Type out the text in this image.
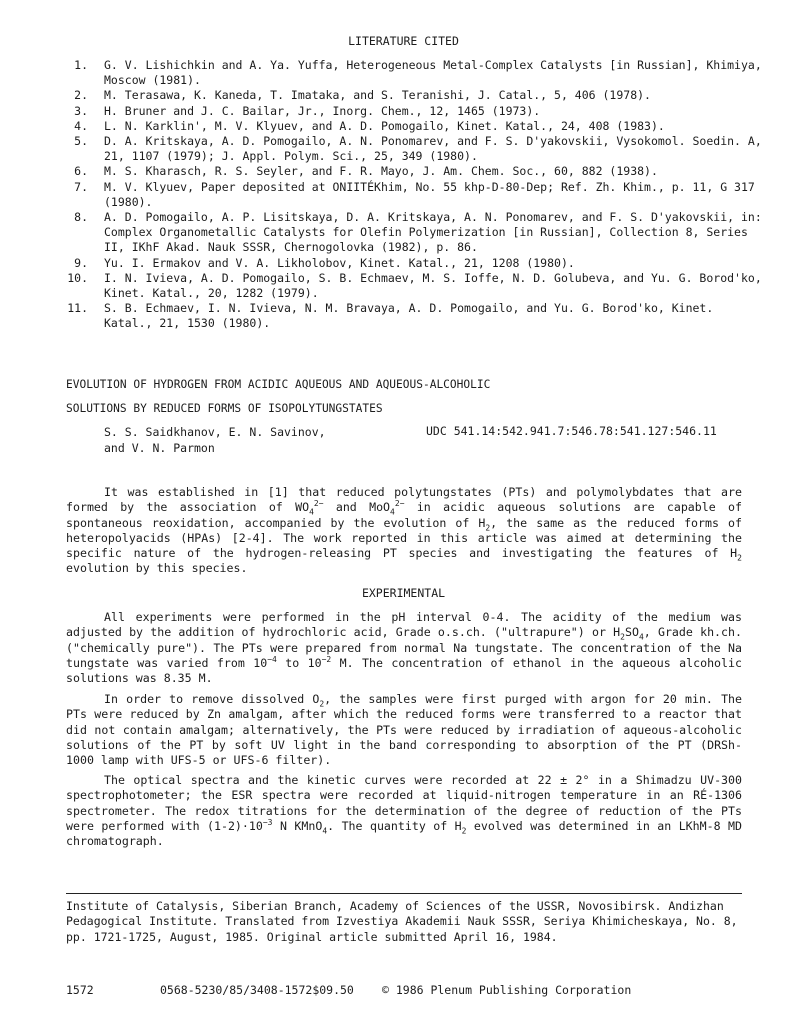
LITERATURE CITED
1. G. V. Lishichkin and A. Ya. Yuffa, Heterogeneous Metal-Complex Catalysts [in Russian], Khimiya, Moscow (1981).
2. M. Terasawa, K. Kaneda, T. Imataka, and S. Teranishi, J. Catal., 5, 406 (1978).
3. H. Bruner and J. C. Bailar, Jr., Inorg. Chem., 12, 1465 (1973).
4. L. N. Karklin', M. V. Klyuev, and A. D. Pomogailo, Kinet. Katal., 24, 408 (1983).
5. D. A. Kritskaya, A. D. Pomogailo, A. N. Ponomarev, and F. S. D'yakovskii, Vysokomol. Soedin. A, 21, 1107 (1979); J. Appl. Polym. Sci., 25, 349 (1980).
6. M. S. Kharasch, R. S. Seyler, and F. R. Mayo, J. Am. Chem. Soc., 60, 882 (1938).
7. M. V. Klyuev, Paper deposited at ONIITÉKhim, No. 55 khp-D-80-Dep; Ref. Zh. Khim., p. 11, G 317 (1980).
8. A. D. Pomogailo, A. P. Lisitskaya, D. A. Kritskaya, A. N. Ponomarev, and F. S. D'yakovskii, in: Complex Organometallic Catalysts for Olefin Polymerization [in Russian], Collection 8, Series II, IKhF Akad. Nauk SSSR, Chernogolovka (1982), p. 86.
9. Yu. I. Ermakov and V. A. Likholobov, Kinet. Katal., 21, 1208 (1980).
10. I. N. Ivieva, A. D. Pomogailo, S. B. Echmaev, M. S. Ioffe, N. D. Golubeva, and Yu. G. Borod'ko, Kinet. Katal., 20, 1282 (1979).
11. S. B. Echmaev, I. N. Ivieva, N. M. Bravaya, A. D. Pomogailo, and Yu. G. Borod'ko, Kinet. Katal., 21, 1530 (1980).
EVOLUTION OF HYDROGEN FROM ACIDIC AQUEOUS AND AQUEOUS-ALCOHOLIC
SOLUTIONS BY REDUCED FORMS OF ISOPOLYTUNGSTATES
S. S. Saidkhanov, E. N. Savinov,
and V. N. Parmon
UDC 541.14:542.941.7:546.78:541.127:546.11

It was established in [1] that reduced polytungstates (PTs) and polymolybdates that are formed by the association of $WO_4^{2-}$ and MoO$_4^{2-}$ in acidic aqueous solutions are capable of spontaneous reoxidation, accompanied by the evolution of $H_2$, the same as the reduced forms of heteropolyacids (HPAs) [2-4]. The work reported in this article was aimed at determining the specific nature of the hydrogen-releasing PT species and investigating the features of $H_2$ evolution by this species.

EXPERIMENTAL

All experiments were performed in the pH interval 0-4. The acidity of the medium was adjusted by the addition of hydrochloric acid, Grade o.s.ch. ("ultrapure") or $H_2SO_4$, Grade kh.ch. ("chemically pure"). The PTs were prepared from normal Na tungstate. The concentration of the Na tungstate was varied from $10^{-4}$ to $10^{-2}$ M. The concentration of ethanol in the aqueous alcoholic solutions was 8.35 M.

In order to remove dissolved $O_2$, the samples were first purged with argon for 20 min. The PTs were reduced by Zn amalgam, after which the reduced forms were transferred to a reactor that did not contain amalgam; alternatively, the PTs were reduced by irradiation of aqueous-alcoholic solutions of the PT by soft UV light in the band corresponding to absorption of the PT (DRSh-1000 lamp with UFS-5 or UFS-6 filter).

The optical spectra and the kinetic curves were recorded at 22 ± 2° in a Shimadzu UV-300 spectrophotometer; the ESR spectra were recorded at liquid-nitrogen temperature in an RÉ-1306 spectrometer. The redox titrations for the determination of the degree of reduction of the PTs were performed with $(1-2)\cdot 10^{-3}$ N KMnO$_4$. The quantity of $H_2$ evolved was determined in an LKhM-8 MD chromatograph.

Institute of Catalysis, Siberian Branch, Academy of Sciences of the USSR, Novosibirsk. Andizhan Pedagogical Institute. Translated from Izvestiya Akademii Nauk SSSR, Seriya Khimicheskaya, No. 8, pp. 1721-1725, August, 1985. Original article submitted April 16, 1984.

1572	0568-5230/85/3408-1572$09.50 © 1986 Plenum Publishing Corporation
